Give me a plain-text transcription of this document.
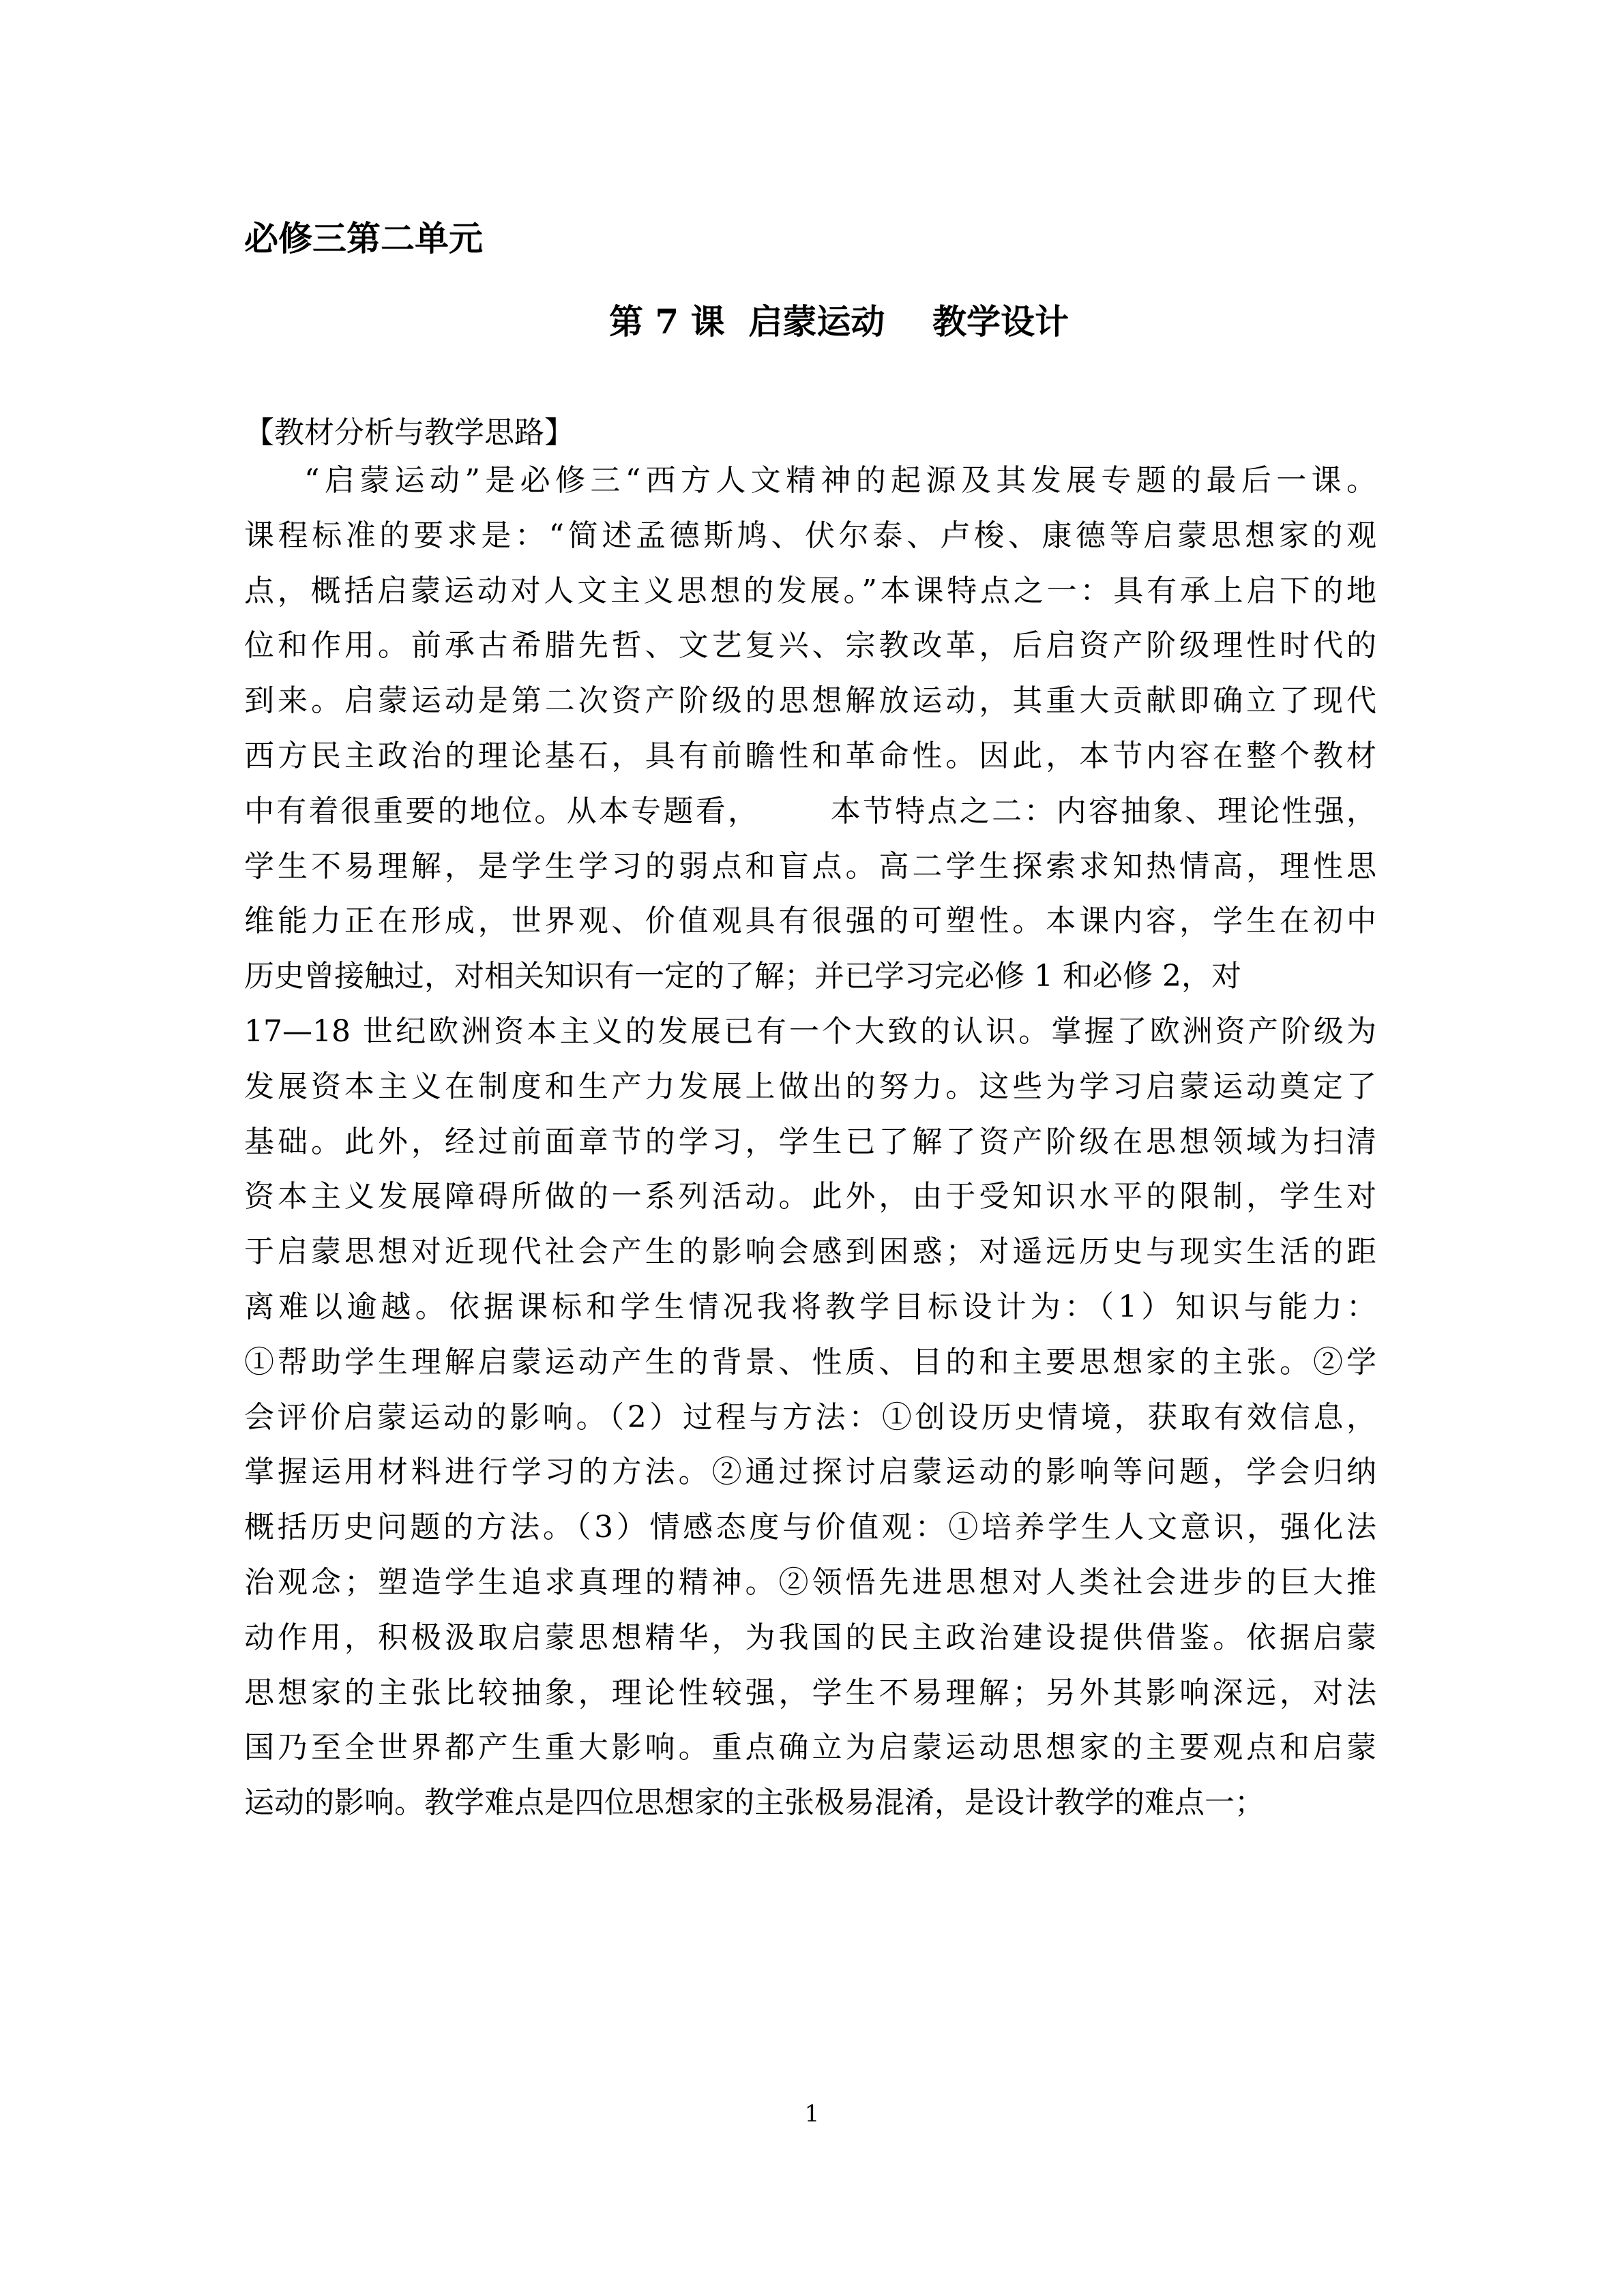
必修三第二单元
第 7 课  启蒙运动    教学设计
【教材分析与教学思路】
“启蒙运动”是必修三“西方人文精神的起源及其发展专题的最后一课。
课程标准的要求是：“简述孟德斯鸠、伏尔泰、卢梭、康德等启蒙思想家的观
点，概括启蒙运动对人文主义思想的发展。”本课特点之一：具有承上启下的地
位和作用。前承古希腊先哲、文艺复兴、宗教改革，后启资产阶级理性时代的
到来。启蒙运动是第二次资产阶级的思想解放运动，其重大贡献即确立了现代
西方民主政治的理论基石，具有前瞻性和革命性。因此，本节内容在整个教材
中有着很重要的地位。从本专题看，      本节特点之二：内容抽象、理论性强，
学生不易理解，是学生学习的弱点和盲点。高二学生探索求知热情高，理性思
维能力正在形成，世界观、价值观具有很强的可塑性。本课内容，学生在初中
历史曾接触过，对相关知识有一定的了解；并已学习完必修 1 和必修 2，对
17—18 世纪欧洲资本主义的发展已有一个大致的认识。掌握了欧洲资产阶级为
发展资本主义在制度和生产力发展上做出的努力。这些为学习启蒙运动奠定了
基础。此外，经过前面章节的学习，学生已了解了资产阶级在思想领域为扫清
资本主义发展障碍所做的一系列活动。此外，由于受知识水平的限制，学生对
于启蒙思想对近现代社会产生的影响会感到困惑；对遥远历史与现实生活的距
离难以逾越。依据课标和学生情况我将教学目标设计为：（1）知识与能力：
①帮助学生理解启蒙运动产生的背景、性质、目的和主要思想家的主张。②学
会评价启蒙运动的影响。（2）过程与方法：①创设历史情境，获取有效信息，
掌握运用材料进行学习的方法。②通过探讨启蒙运动的影响等问题，学会归纳
概括历史问题的方法。（3）情感态度与价值观：①培养学生人文意识，强化法
治观念；塑造学生追求真理的精神。②领悟先进思想对人类社会进步的巨大推
动作用，积极汲取启蒙思想精华，为我国的民主政治建设提供借鉴。依据启蒙
思想家的主张比较抽象，理论性较强，学生不易理解；另外其影响深远，对法
国乃至全世界都产生重大影响。重点确立为启蒙运动思想家的主要观点和启蒙
运动的影响。教学难点是四位思想家的主张极易混淆，是设计教学的难点一；
1
